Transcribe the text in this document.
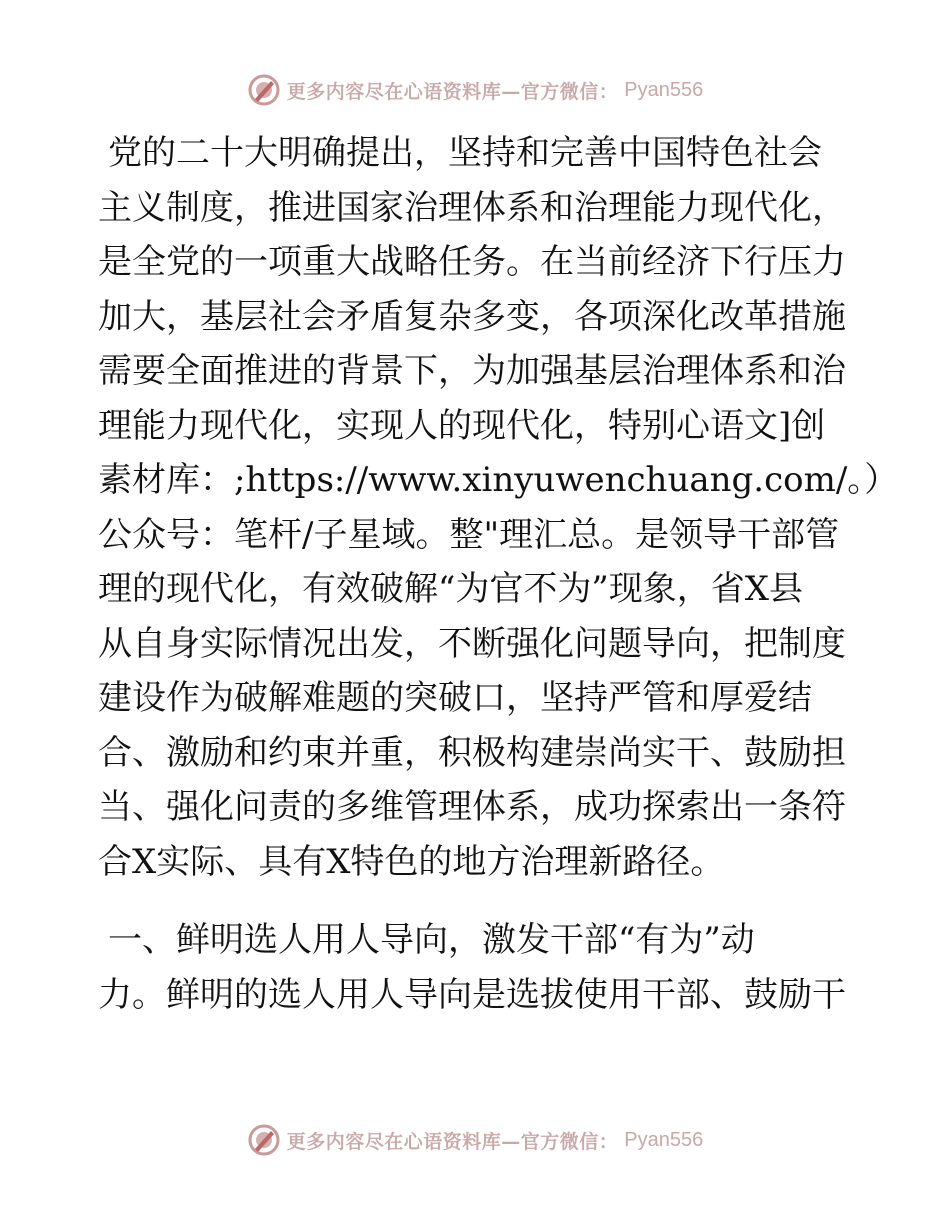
更多内容尽在心语资料库—官方微信： Pyan556
党的二十大明确提出，坚持和完善中国特色社会
主义制度，推进国家治理体系和治理能力现代化，
是全党的一项重大战略任务。在当前经济下行压力
加大，基层社会矛盾复杂多变，各项深化改革措施
需要全面推进的背景下，为加强基层治理体系和治
理能力现代化，实现人的现代化，特别心语文]创
素材库：;https://www.xinyuwenchuang.com/。）
公众号：笔杆/子星域。整"理汇总。是领导干部管
理的现代化，有效破解“为官不为”现象，省X县
从自身实际情况出发，不断强化问题导向，把制度
建设作为破解难题的突破口，坚持严管和厚爱结
合、激励和约束并重，积极构建崇尚实干、鼓励担
当、强化问责的多维管理体系，成功探索出一条符
合X实际、具有X特色的地方治理新路径。
一、鲜明选人用人导向，激发干部“有为”动
力。鲜明的选人用人导向是选拔使用干部、鼓励干
更多内容尽在心语资料库—官方微信： Pyan556
